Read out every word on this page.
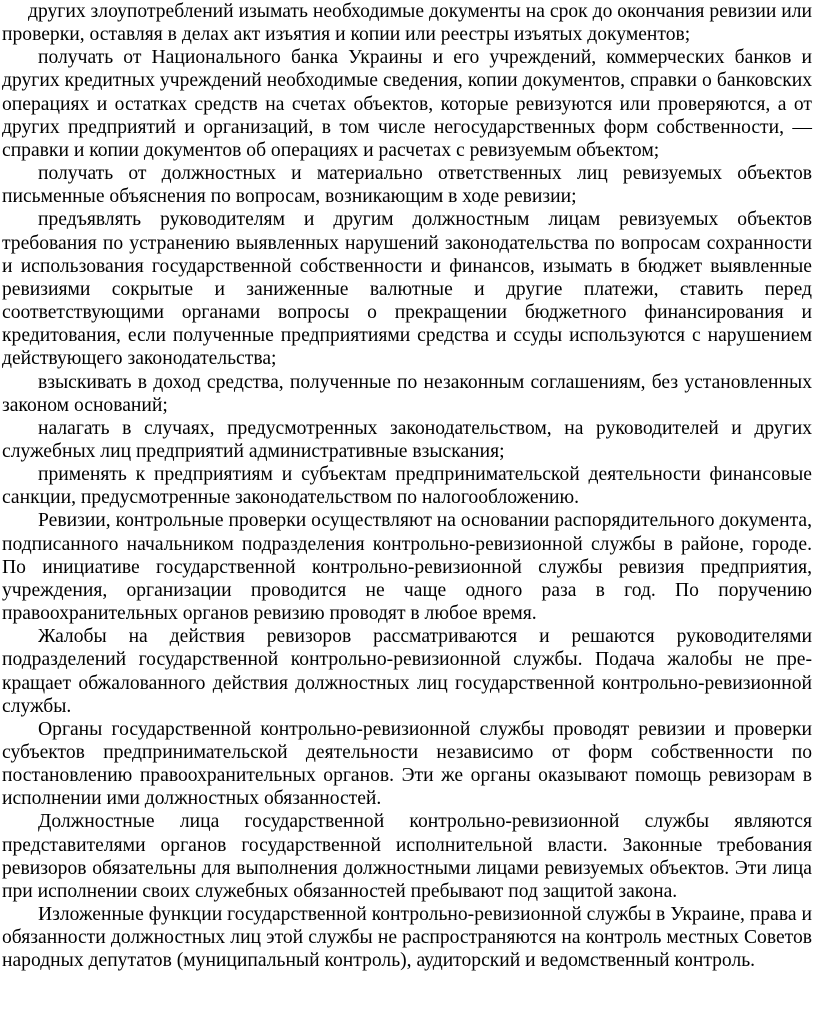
других злоупотреблений изымать необходимые документы на срок до окончания ревизии или проверки, оставляя в делах акт изъятия и копии или реестры изъятых документов;

получать от Национального банка Украины и его учреждений, коммерческих банков и других кредитных учреждений необходимые сведения, копии документов, справки о банковских операциях и остатках средств на счетах объектов, которые ревизуются или проверяются, а от других предприятий и организаций, в том числе негосударственных форм собственности, — справки и копии документов об операциях и расчетах с ревизуемым объектом;

получать от должностных и материально ответственных лиц ревизуемых объектов письменные объяснения по вопросам, возникающим в ходе ревизии;

предъявлять руководителям и другим должностным лицам ревизуемых объектов требования по устранению выявленных нарушений законодательства по вопросам сохранности и использования государственной собственности и финансов, изымать в бюджет выявленные ревизиями сокрытые и заниженные валютные и другие платежи, ставить перед соответствующими органами вопросы о прекращении бюджетного финансирования и кредитования, если полученные предприятиями средства и ссуды используются с нарушением действующего законодательства;

взыскивать в доход средства, полученные по незаконным соглашениям, без установленных законом оснований;

налагать в случаях, предусмотренных законодательством, на руководителей и других служебных лиц предприятий административные взыскания;

применять к предприятиям и субъектам предпринимательской деятельности финансовые санкции, предусмотренные законодательством по налогообложению.

Ревизии, контрольные проверки осуществляют на основании распорядительного документа, подписанного начальником подразделения контрольно-ревизионной службы в районе, городе. По инициативе государственной контрольно-ревизионной службы ревизия предприятия, учреждения, организации проводится не чаще одного раза в год. По поручению правоохранительных органов ревизию проводят в любое время.

Жалобы на действия ревизоров рассматриваются и решаются руководителями подразделений государственной контрольно-ревизионной службы. Подача жалобы не прекращает обжалованного действия должностных лиц государственной контрольно-ревизионной службы.

Органы государственной контрольно-ревизионной службы проводят ревизии и проверки субъектов предпринимательской деятельности независимо от форм собственности по постановлению правоохранительных органов. Эти же органы оказывают помощь ревизорам в исполнении ими должностных обязанностей.

Должностные лица государственной контрольно-ревизионной службы являются представителями органов государственной исполнительной власти. Законные требования ревизоров обязательны для выполнения должностными лицами ревизуемых объектов. Эти лица при исполнении своих служебных обязанностей пребывают под защитой закона.

Изложенные функции государственной контрольно-ревизионной службы в Украине, права и обязанности должностных лиц этой службы не распространяются на контроль местных Советов народных депутатов (муниципальный контроль), аудиторский и ведомственный контроль.
